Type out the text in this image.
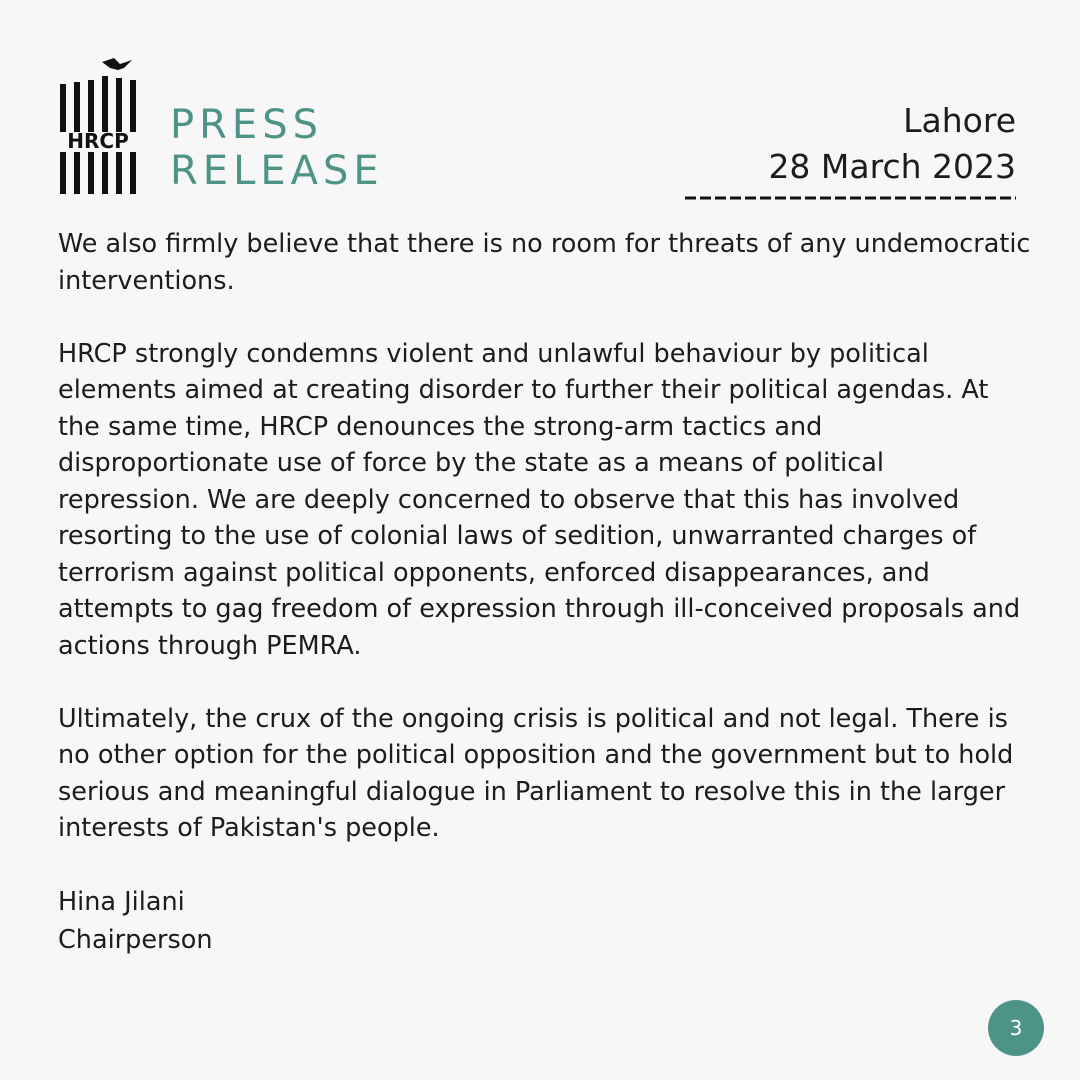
HRCP PRESS
RELEASE
Lahore
28 March 2023

We also firmly believe that there is no room for threats of any undemocratic interventions.

HRCP strongly condemns violent and unlawful behaviour by political elements aimed at creating disorder to further their political agendas. At the same time, HRCP denounces the strong-arm tactics and disproportionate use of force by the state as a means of political repression. We are deeply concerned to observe that this has involved resorting to the use of colonial laws of sedition, unwarranted charges of terrorism against political opponents, enforced disappearances, and attempts to gag freedom of expression through ill-conceived proposals and actions through PEMRA.

Ultimately, the crux of the ongoing crisis is political and not legal. There is no other option for the political opposition and the government but to hold serious and meaningful dialogue in Parliament to resolve this in the larger interests of Pakistan's people.

Hina Jilani
Chairperson
3
